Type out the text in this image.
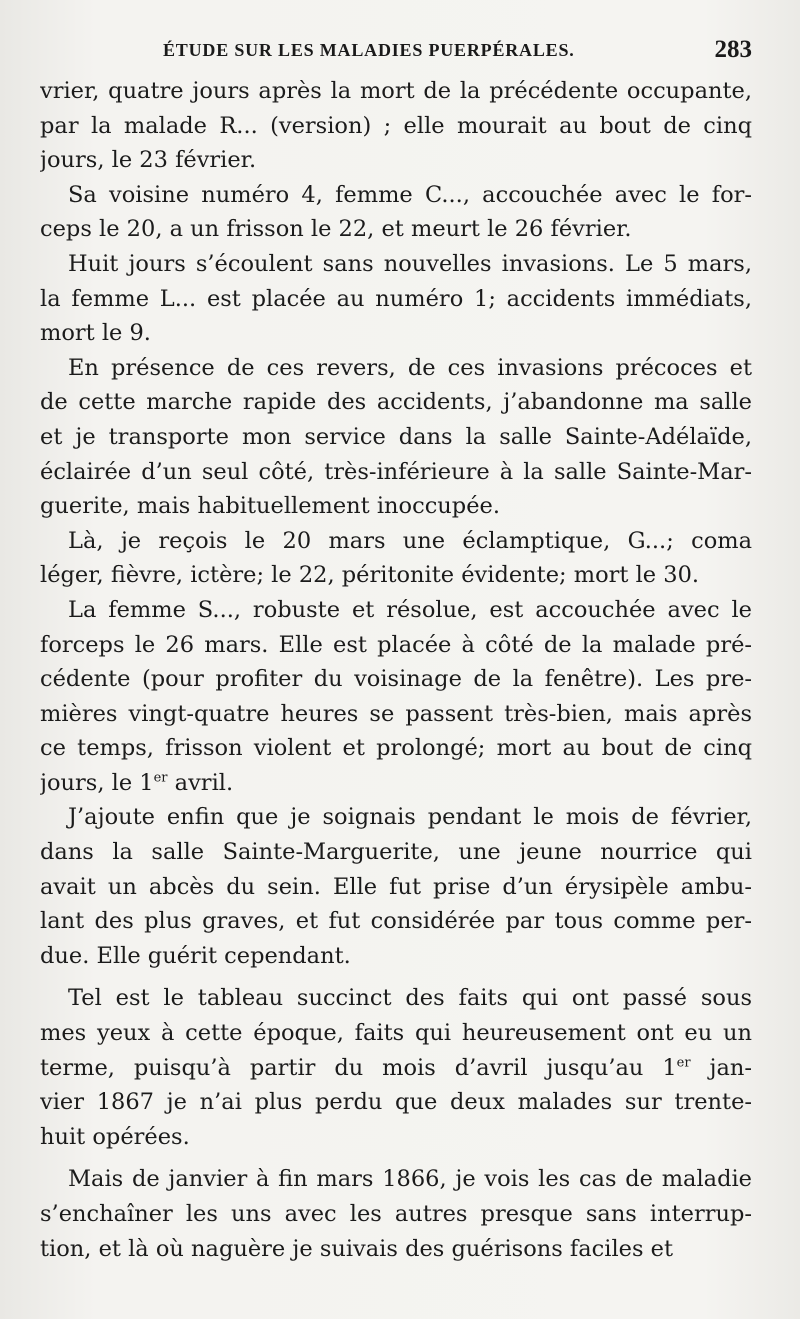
ÉTUDE SUR LES MALADIES PUERPÉRALES.	283
vrier, quatre jours après la mort de la précédente occupante,
par la malade R... (version) ; elle mourait au bout de cinq
jours, le 23 février.
Sa voisine numéro 4, femme C..., accouchée avec le for-
ceps le 20, a un frisson le 22, et meurt le 26 février.
Huit jours s’écoulent sans nouvelles invasions. Le 5 mars,
la femme L... est placée au numéro 1; accidents immédiats,
mort le 9.
En présence de ces revers, de ces invasions précoces et
de cette marche rapide des accidents, j’abandonne ma salle
et je transporte mon service dans la salle Sainte-Adélaïde,
éclairée d’un seul côté, très-inférieure à la salle Sainte-Mar-
guerite, mais habituellement inoccupée.
Là, je reçois le 20 mars une éclamptique, G...; coma
léger, fièvre, ictère; le 22, péritonite évidente; mort le 30.
La femme S..., robuste et résolue, est accouchée avec le
forceps le 26 mars. Elle est placée à côté de la malade pré-
cédente (pour profiter du voisinage de la fenêtre). Les pre-
mières vingt-quatre heures se passent très-bien, mais après
ce temps, frisson violent et prolongé; mort au bout de cinq
jours, le 1er avril.
J’ajoute enfin que je soignais pendant le mois de février,
dans la salle Sainte-Marguerite, une jeune nourrice qui
avait un abcès du sein. Elle fut prise d’un érysipèle ambu-
lant des plus graves, et fut considérée par tous comme per-
due. Elle guérit cependant.
Tel est le tableau succinct des faits qui ont passé sous
mes yeux à cette époque, faits qui heureusement ont eu un
terme, puisqu’à partir du mois d’avril jusqu’au 1er jan-
vier 1867 je n’ai plus perdu que deux malades sur trente-
huit opérées.
Mais de janvier à fin mars 1866, je vois les cas de maladie
s’enchaîner les uns avec les autres presque sans interrup-
tion, et là où naguère je suivais des guérisons faciles et
